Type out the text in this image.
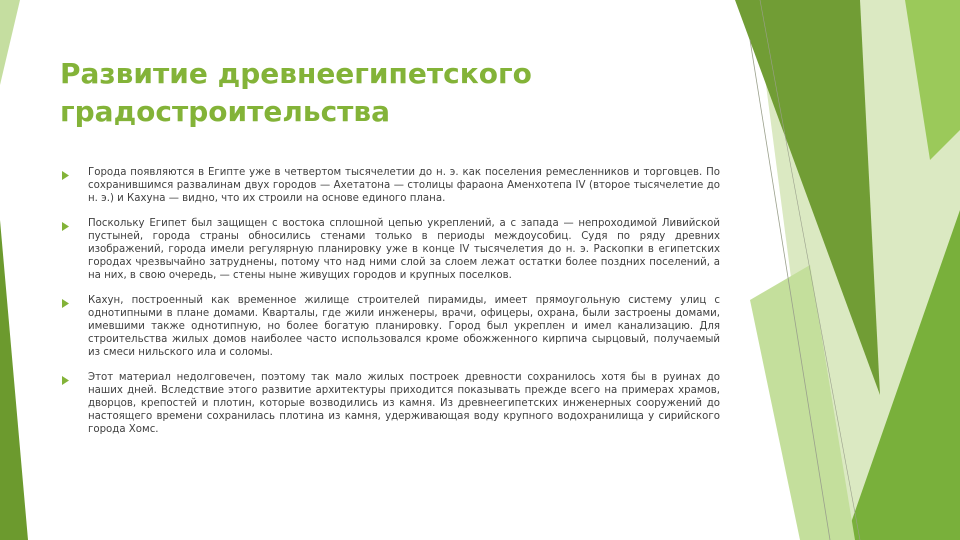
Развитие древнеегипетского градостроительства

Города появляются в Египте уже в четвертом тысячелетии до н. э. как поселения ремесленников и торговцев. По сохранившимся развалинам двух городов — Ахетатона — столицы фараона Аменхотепа IV (второе тысячелетие до н. э.) и Кахуна — видно, что их строили на основе единого плана.

Поскольку Египет был защищен с востока сплошной цепью укреплений, а с запада — непроходимой Ливийской пустыней, города страны обносились стенами только в периоды междоусобиц. Судя по ряду древних изображений, города имели регулярную планировку уже в конце IV тысячелетия до н. э. Раскопки в египетских городах чрезвычайно затруднены, потому что над ними слой за слоем лежат остатки более поздних поселений, а на них, в свою очередь, — стены ныне живущих городов и крупных поселков.

Кахун, построенный как временное жилище строителей пирамиды, имеет прямоугольную систему улиц с однотипными в плане домами. Кварталы, где жили инженеры, врачи, офицеры, охрана, были застроены домами, имевшими также однотипную, но более богатую планировку. Город был укреплен и имел канализацию. Для строительства жилых домов наиболее часто использовался кроме обожженного кирпича сырцовый, получаемый из смеси нильского ила и соломы.

Этот материал недолговечен, поэтому так мало жилых построек древности сохранилось хотя бы в руинах до наших дней. Вследствие этого развитие архитектуры приходится показывать прежде всего на примерах храмов, дворцов, крепостей и плотин, которые возводились из камня. Из древнеегипетских инженерных сооружений до настоящего времени сохранилась плотина из камня, удерживающая воду крупного водохранилища у сирийского города Хомс.
